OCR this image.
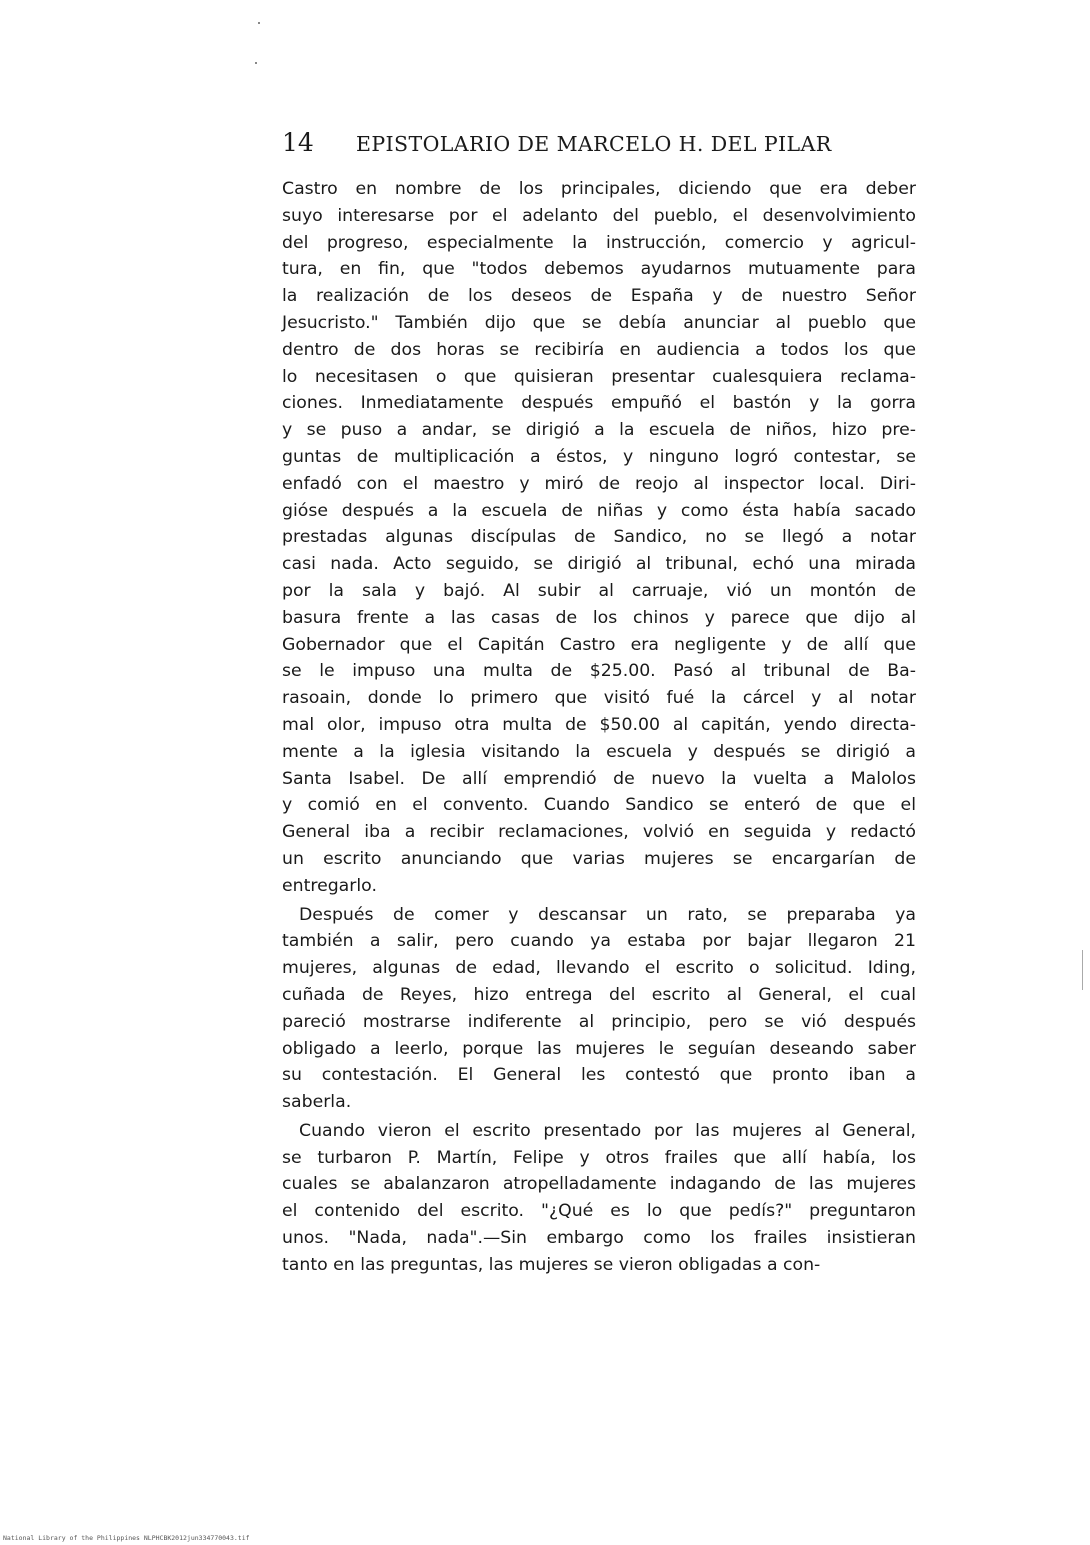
14	EPISTOLARIO DE MARCELO H. DEL PILAR
Castro en nombre de los principales, diciendo que era deber
suyo interesarse por el adelanto del pueblo, el desenvolvimiento
del progreso, especialmente la instrucción, comercio y agricul-
tura, en fin, que "todos debemos ayudarnos mutuamente para
la realización de los deseos de España y de nuestro Señor
Jesucristo." También dijo que se debía anunciar al pueblo que
dentro de dos horas se recibiría en audiencia a todos los que
lo necesitasen o que quisieran presentar cualesquiera reclama-
ciones. Inmediatamente después empuñó el bastón y la gorra
y se puso a andar, se dirigió a la escuela de niños, hizo pre-
guntas de multiplicación a éstos, y ninguno logró contestar, se
enfadó con el maestro y miró de reojo al inspector local. Diri-
gióse después a la escuela de niñas y como ésta había sacado
prestadas algunas discípulas de Sandico, no se llegó a notar
casi nada. Acto seguido, se dirigió al tribunal, echó una mirada
por la sala y bajó. Al subir al carruaje, vió un montón de
basura frente a las casas de los chinos y parece que dijo al
Gobernador que el Capitán Castro era negligente y de allí que
se le impuso una multa de $25.00. Pasó al tribunal de Ba-
rasoain, donde lo primero que visitó fué la cárcel y al notar
mal olor, impuso otra multa de $50.00 al capitán, yendo directa-
mente a la iglesia visitando la escuela y después se dirigió a
Santa Isabel. De allí emprendió de nuevo la vuelta a Malolos
y comió en el convento. Cuando Sandico se enteró de que el
General iba a recibir reclamaciones, volvió en seguida y redactó
un escrito anunciando que varias mujeres se encargarían de
entregarlo.
Después de comer y descansar un rato, se preparaba ya
también a salir, pero cuando ya estaba por bajar llegaron 21
mujeres, algunas de edad, llevando el escrito o solicitud. Iding,
cuñada de Reyes, hizo entrega del escrito al General, el cual
pareció mostrarse indiferente al principio, pero se vió después
obligado a leerlo, porque las mujeres le seguían deseando saber
su contestación. El General les contestó que pronto iban a
saberla.
Cuando vieron el escrito presentado por las mujeres al General,
se turbaron P. Martín, Felipe y otros frailes que allí había, los
cuales se abalanzaron atropelladamente indagando de las mujeres
el contenido del escrito. "¿Qué es lo que pedís?" preguntaron
unos. "Nada, nada".—Sin embargo como los frailes insistieran
tanto en las preguntas, las mujeres se vieron obligadas a con-
National Library of the Philippines NLPHCBK2012jun334770043.tif
